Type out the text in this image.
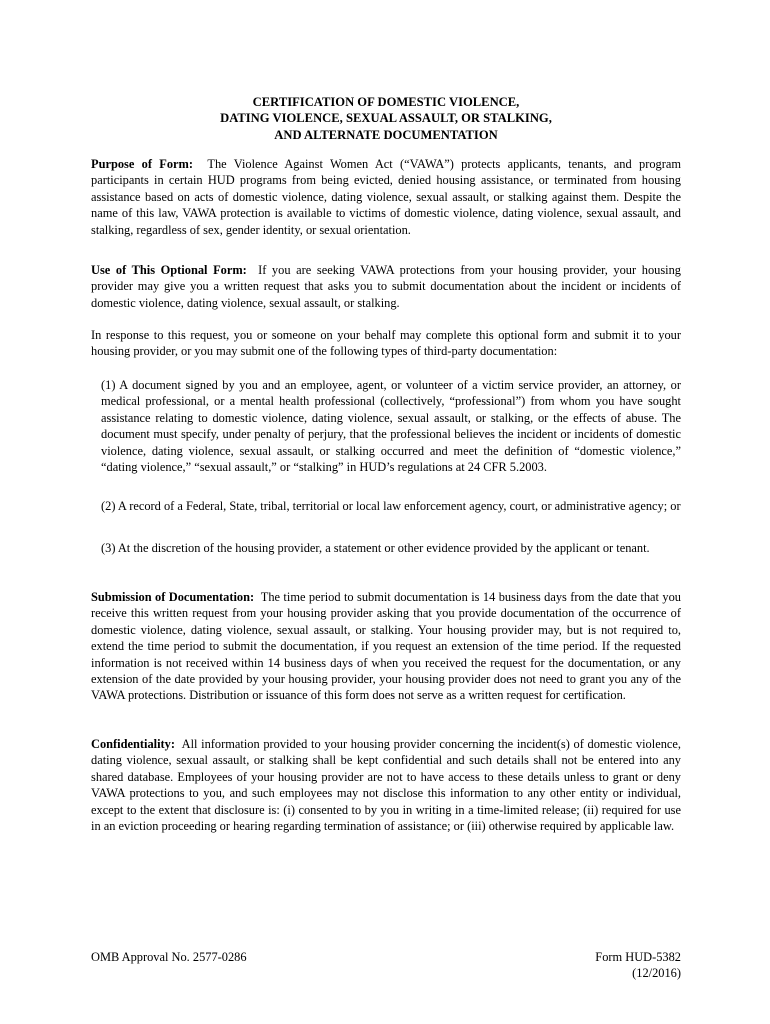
CERTIFICATION OF DOMESTIC VIOLENCE,
DATING VIOLENCE, SEXUAL ASSAULT, OR STALKING,
AND ALTERNATE DOCUMENTATION
Purpose of Form: The Violence Against Women Act (“VAWA”) protects applicants, tenants, and program participants in certain HUD programs from being evicted, denied housing assistance, or terminated from housing assistance based on acts of domestic violence, dating violence, sexual assault, or stalking against them. Despite the name of this law, VAWA protection is available to victims of domestic violence, dating violence, sexual assault, and stalking, regardless of sex, gender identity, or sexual orientation.
Use of This Optional Form: If you are seeking VAWA protections from your housing provider, your housing provider may give you a written request that asks you to submit documentation about the incident or incidents of domestic violence, dating violence, sexual assault, or stalking.
In response to this request, you or someone on your behalf may complete this optional form and submit it to your housing provider, or you may submit one of the following types of third-party documentation:
(1) A document signed by you and an employee, agent, or volunteer of a victim service provider, an attorney, or medical professional, or a mental health professional (collectively, “professional”) from whom you have sought assistance relating to domestic violence, dating violence, sexual assault, or stalking, or the effects of abuse. The document must specify, under penalty of perjury, that the professional believes the incident or incidents of domestic violence, dating violence, sexual assault, or stalking occurred and meet the definition of “domestic violence,” “dating violence,” “sexual assault,” or “stalking” in HUD’s regulations at 24 CFR 5.2003.
(2) A record of a Federal, State, tribal, territorial or local law enforcement agency, court, or administrative agency; or
(3) At the discretion of the housing provider, a statement or other evidence provided by the applicant or tenant.
Submission of Documentation: The time period to submit documentation is 14 business days from the date that you receive this written request from your housing provider asking that you provide documentation of the occurrence of domestic violence, dating violence, sexual assault, or stalking. Your housing provider may, but is not required to, extend the time period to submit the documentation, if you request an extension of the time period. If the requested information is not received within 14 business days of when you received the request for the documentation, or any extension of the date provided by your housing provider, your housing provider does not need to grant you any of the VAWA protections. Distribution or issuance of this form does not serve as a written request for certification.
Confidentiality: All information provided to your housing provider concerning the incident(s) of domestic violence, dating violence, sexual assault, or stalking shall be kept confidential and such details shall not be entered into any shared database. Employees of your housing provider are not to have access to these details unless to grant or deny VAWA protections to you, and such employees may not disclose this information to any other entity or individual, except to the extent that disclosure is: (i) consented to by you in writing in a time-limited release; (ii) required for use in an eviction proceeding or hearing regarding termination of assistance; or (iii) otherwise required by applicable law.
OMB Approval No. 2577-0286	Form HUD-5382
(12/2016)
